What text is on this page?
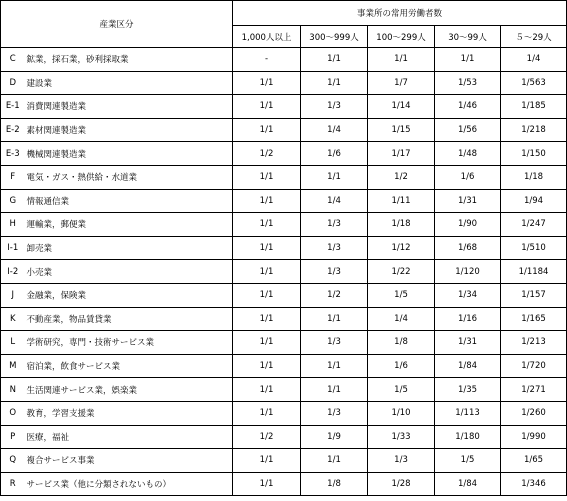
産業区分		事業所の常用労働者数				
		1,000人以上	300～999人	100～299人	30～99人	５～29人
C	鉱業，採石業，砂利採取業	-	1/1	1/1	1/1	1/4
D	建設業	1/1	1/1	1/7	1/53	1/563
E-1	消費関連製造業	1/1	1/3	1/14	1/46	1/185
E-2	素材関連製造業	1/1	1/4	1/15	1/56	1/218
E-3	機械関連製造業	1/2	1/6	1/17	1/48	1/150
F	電気・ガス・熱供給・水道業	1/1	1/1	1/2	1/6	1/18
G	情報通信業	1/1	1/4	1/11	1/31	1/94
H	運輸業，郵便業	1/1	1/3	1/18	1/90	1/247
I-1	卸売業	1/1	1/3	1/12	1/68	1/510
I-2	小売業	1/1	1/3	1/22	1/120	1/1184
J	金融業，保険業	1/1	1/2	1/5	1/34	1/157
K	不動産業，物品賃貸業	1/1	1/1	1/4	1/16	1/165
L	学術研究，専門・技術サービス業	1/1	1/3	1/8	1/31	1/213
M	宿泊業，飲食サービス業	1/1	1/1	1/6	1/84	1/720
N	生活関連サービス業，娯楽業	1/1	1/1	1/5	1/35	1/271
O	教育，学習支援業	1/1	1/3	1/10	1/113	1/260
P	医療，福祉	1/2	1/9	1/33	1/180	1/990
Q	複合サービス事業	1/1	1/1	1/3	1/5	1/65
R	サービス業（他に分類されないもの）	1/1	1/8	1/28	1/84	1/346
